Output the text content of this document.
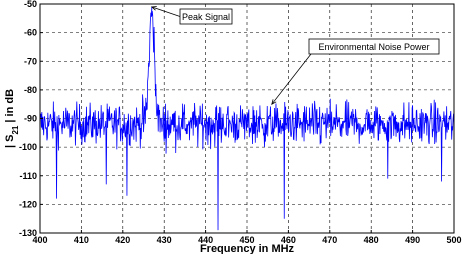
400	410	420	430	440	450	460	470	480	490	500
-50
-60
-70
-80
-90
-100
-110
-120
-130
Peak Signal
Environmental Noise Power
Frequency in MHz
| $S_{21}$ | in dB
